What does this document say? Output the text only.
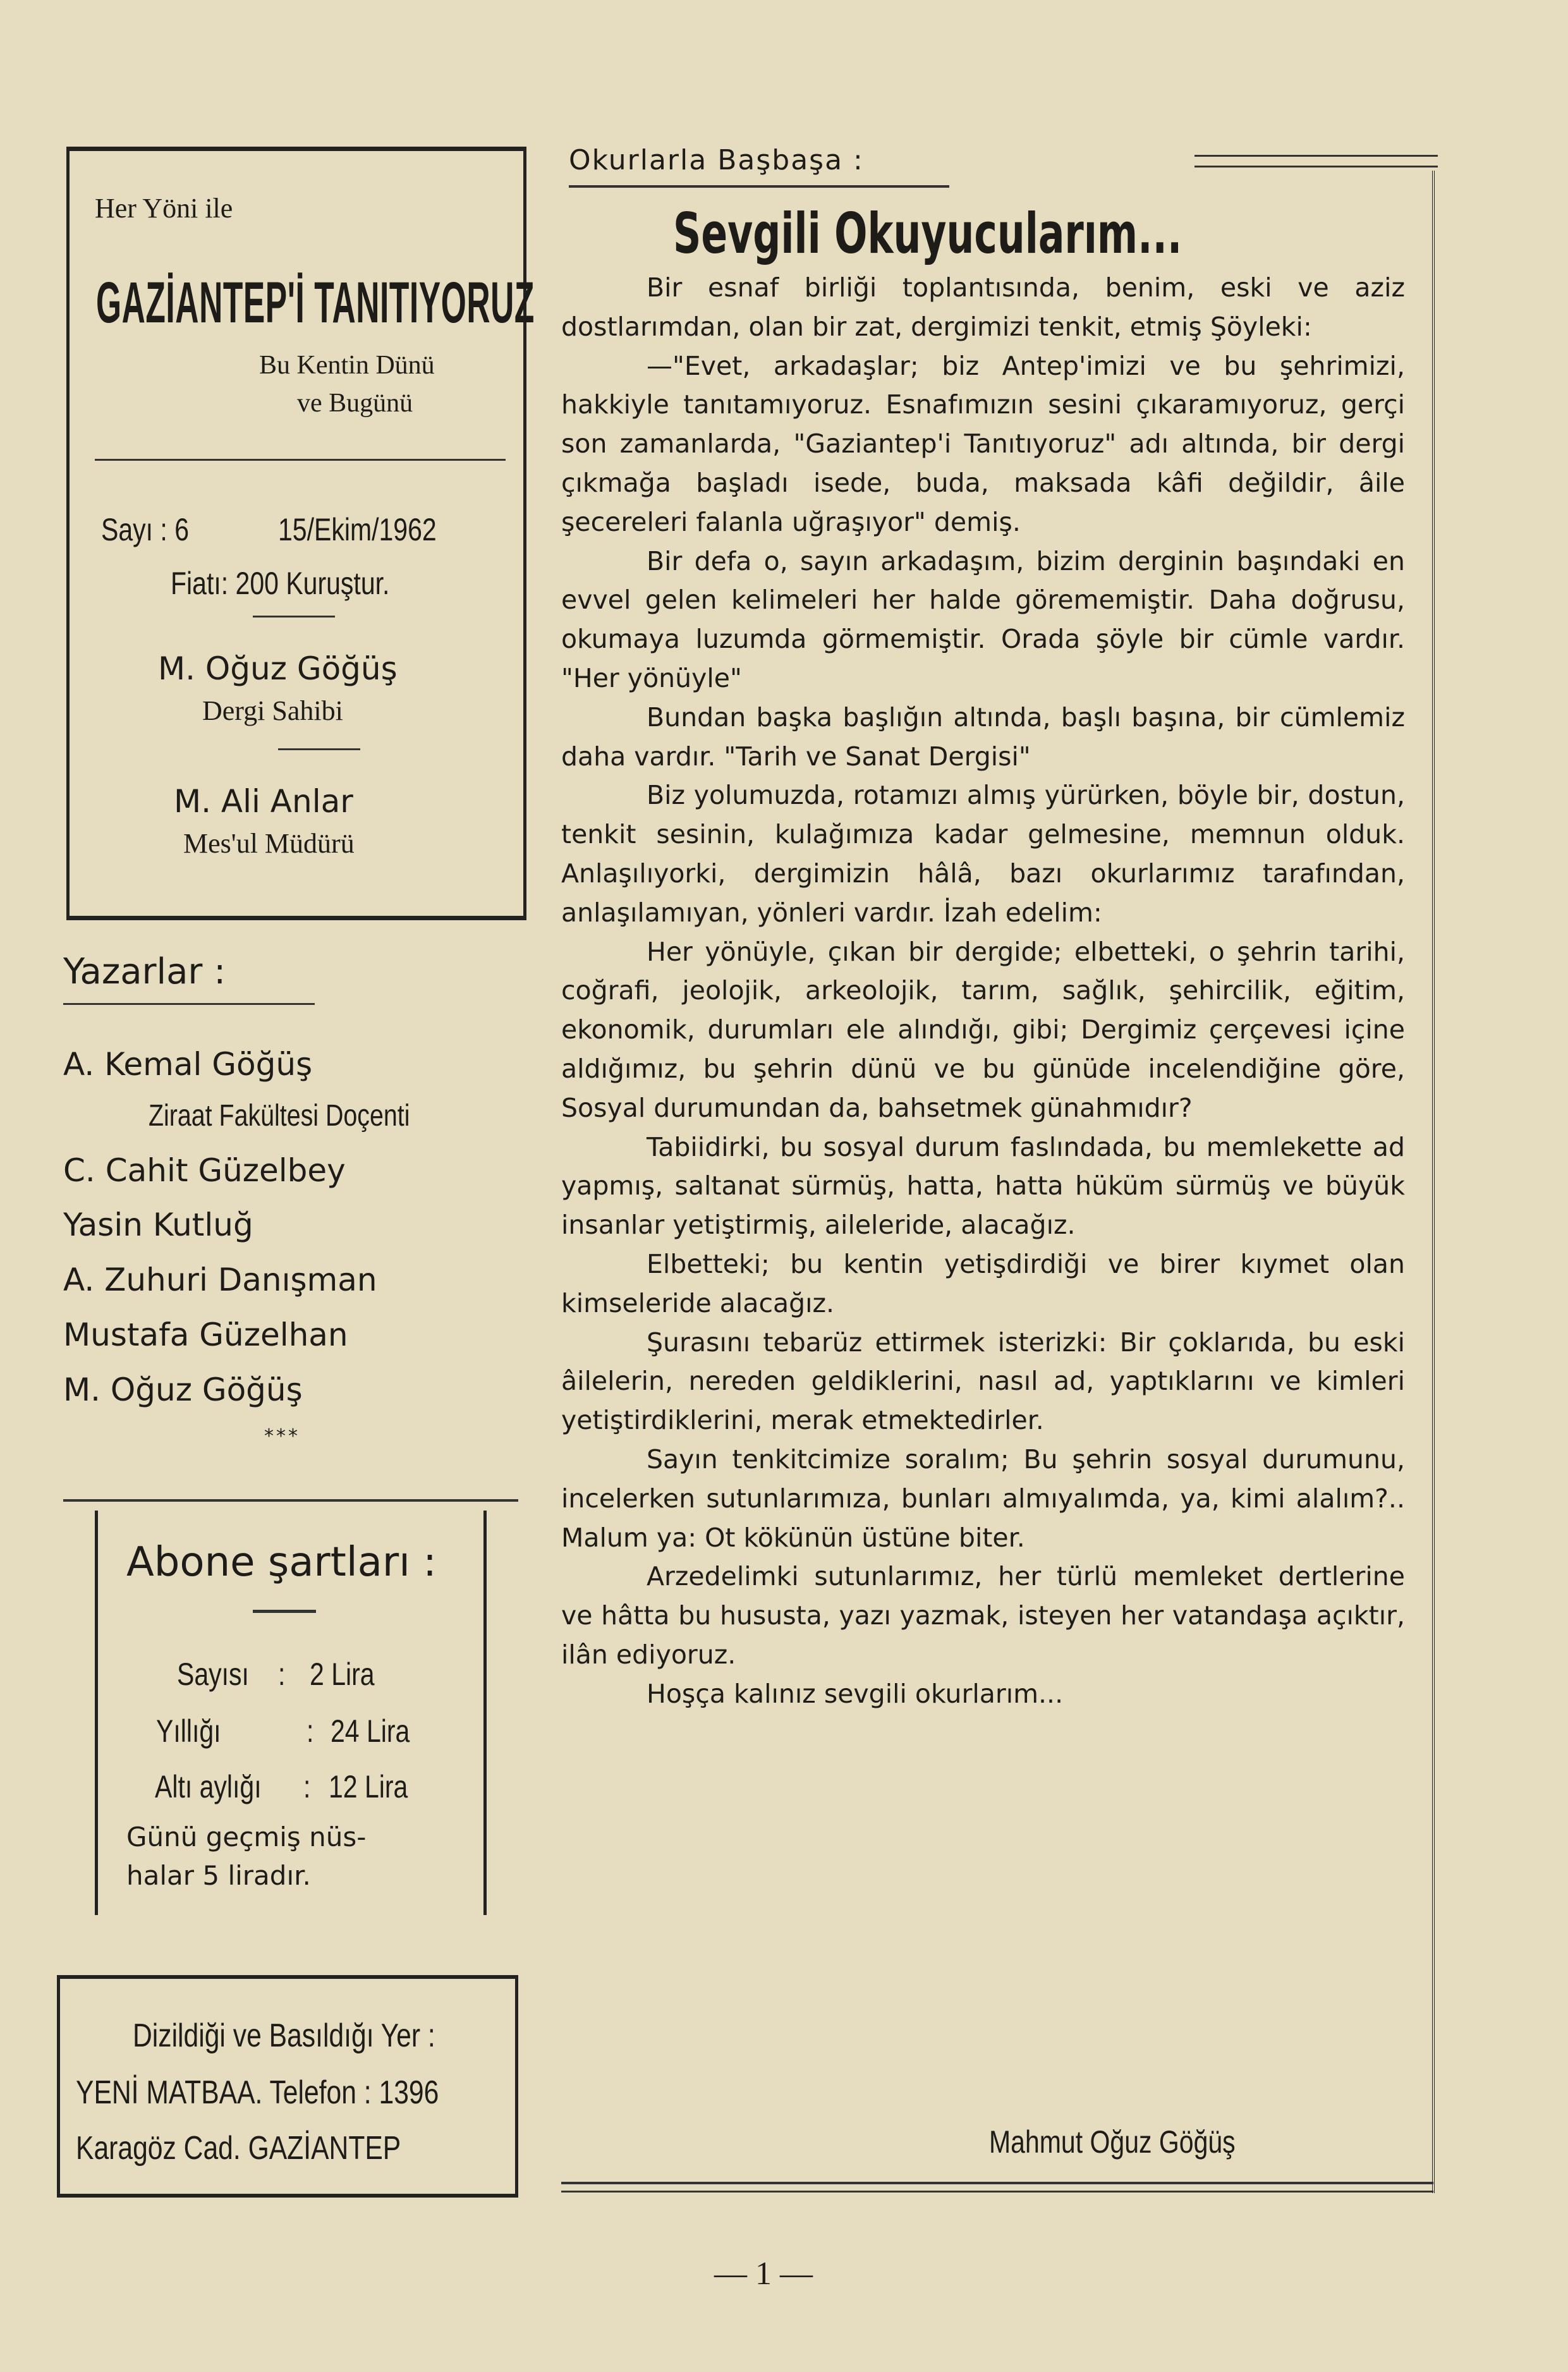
Her Yöni ile
GAZİANTEP'İ TANITIYORUZ
Bu Kentin Dünü
ve Bugünü
Sayı : 6	15/Ekim/1962
Fiatı: 200 Kuruştur.
M. Oğuz Göğüş
Dergi Sahibi
M. Ali Anlar
Mes'ul Müdürü
Yazarlar :
A. Kemal Göğüş
Ziraat Fakültesi Doçenti
C. Cahit Güzelbey
Yasin Kutluğ
A. Zuhuri Danışman
Mustafa Güzelhan
M. Oğuz Göğüş
***
Abone şartları :
Sayısı : 2 Lira
Yıllığı	: 24 Lira
Altı aylığı : 12 Lira
Günü geçmiş nüs-
halar 5 liradır.
Dizildiği ve Basıldığı Yer :
YENİ MATBAA. Telefon : 1396
Karagöz Cad. GAZİANTEP
Okurlarla Başbaşa :
Sevgili Okuyucularım...

Bir esnaf birliği toplantısında, benim, eski ve aziz dostlarımdan, olan bir zat, dergimizi tenkit, etmiş Şöyleki:

—"Evet, arkadaşlar; biz Antep'imizi ve bu şehrimizi, hakkiyle tanıtamıyoruz. Esnafımızın sesini çıkaramıyoruz, gerçi son zamanlarda, "Gaziantep'i Tanıtıyoruz" adı altında, bir dergi çıkmağa başladı isede, buda, maksada kâfi değildir, âile şecereleri falanla uğraşıyor" demiş.

Bir defa o, sayın arkadaşım, bizim derginin başındaki en evvel gelen kelimeleri her halde görememiştir. Daha doğrusu, okumaya luzumda görmemiştir. Orada şöyle bir cümle vardır. "Her yönüyle"

Bundan başka başlığın altında, başlı başına, bir cümlemiz daha vardır. "Tarih ve Sanat Dergisi"

Biz yolumuzda, rotamızı almış yürürken, böyle bir, dostun, tenkit sesinin, kulağımıza kadar gelmesine, memnun olduk. Anlaşılıyorki, dergimizin hâlâ, bazı okurlarımız tarafından, anlaşılamıyan, yönleri vardır. İzah edelim:

Her yönüyle, çıkan bir dergide; elbetteki, o şehrin tarihi, coğrafi, jeolojik, arkeolojik, tarım, sağlık, şehircilik, eğitim, ekonomik, durumları ele alındığı, gibi; Dergimiz çerçevesi içine aldığımız, bu şehrin dünü ve bu günüde incelendiğine göre, Sosyal durumundan da, bahsetmek günahmıdır?

Tabiidirki, bu sosyal durum faslındada, bu memlekette ad yapmış, saltanat sürmüş, hatta, hatta hüküm sürmüş ve büyük insanlar yetiştirmiş, aileleride, alacağız.

Elbetteki; bu kentin yetişdirdiği ve birer kıymet olan kimseleride alacağız.

Şurasını tebarüz ettirmek isterizki: Bir çoklarıda, bu eski âilelerin, nereden geldiklerini, nasıl ad, yaptıklarını ve kimleri yetiştirdiklerini, merak etmektedirler.

Sayın tenkitcimize soralım; Bu şehrin sosyal durumunu, incelerken sutunlarımıza, bunları almıyalımda, ya, kimi alalım?.. Malum ya: Ot kökünün üstüne biter.

Arzedelimki sutunlarımız, her türlü memleket dertlerine ve hâtta bu hususta, yazı yazmak, isteyen her vatandaşa açıktır, ilân ediyoruz.

Hoşça kalınız sevgili okurlarım...

Mahmut Oğuz Göğüş
— 1 —
